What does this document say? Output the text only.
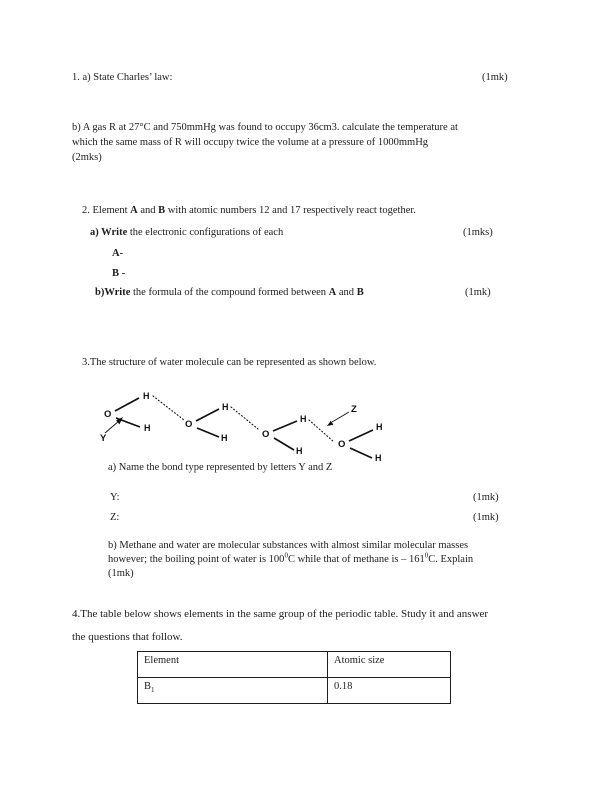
1. a) State Charles’ law:	(1mk)
b) A gas R at 27°C and 750mmHg was found to occupy 36cm3. calculate the temperature at
which the same mass of R will occupy twice the volume at a pressure of 1000mmHg
(2mks)
2. Element A and B with atomic numbers 12 and 17 respectively react together.
a) Write the electronic configurations of each	(1mks)
A-
B -
b)Write the formula of the compound formed between A and B	(1mk)
3.The structure of water molecule can be represented as shown below.
O
H
H
Y
O
H
H	O
H
H
Z
O
H
H
a) Name the bond type represented by letters Y and Z
Y:	(1mk)
Z:	(1mk)
b) Methane and water are molecular substances with almost similar molecular masses
however; the boiling point of water is $100^0C$ while that of methane is – $161^0C$. Explain
(1mk)
4.The table below shows elements in the same group of the periodic table. Study it and answer
the questions that follow.
Element	Atomic size
$B_1$	0.18
